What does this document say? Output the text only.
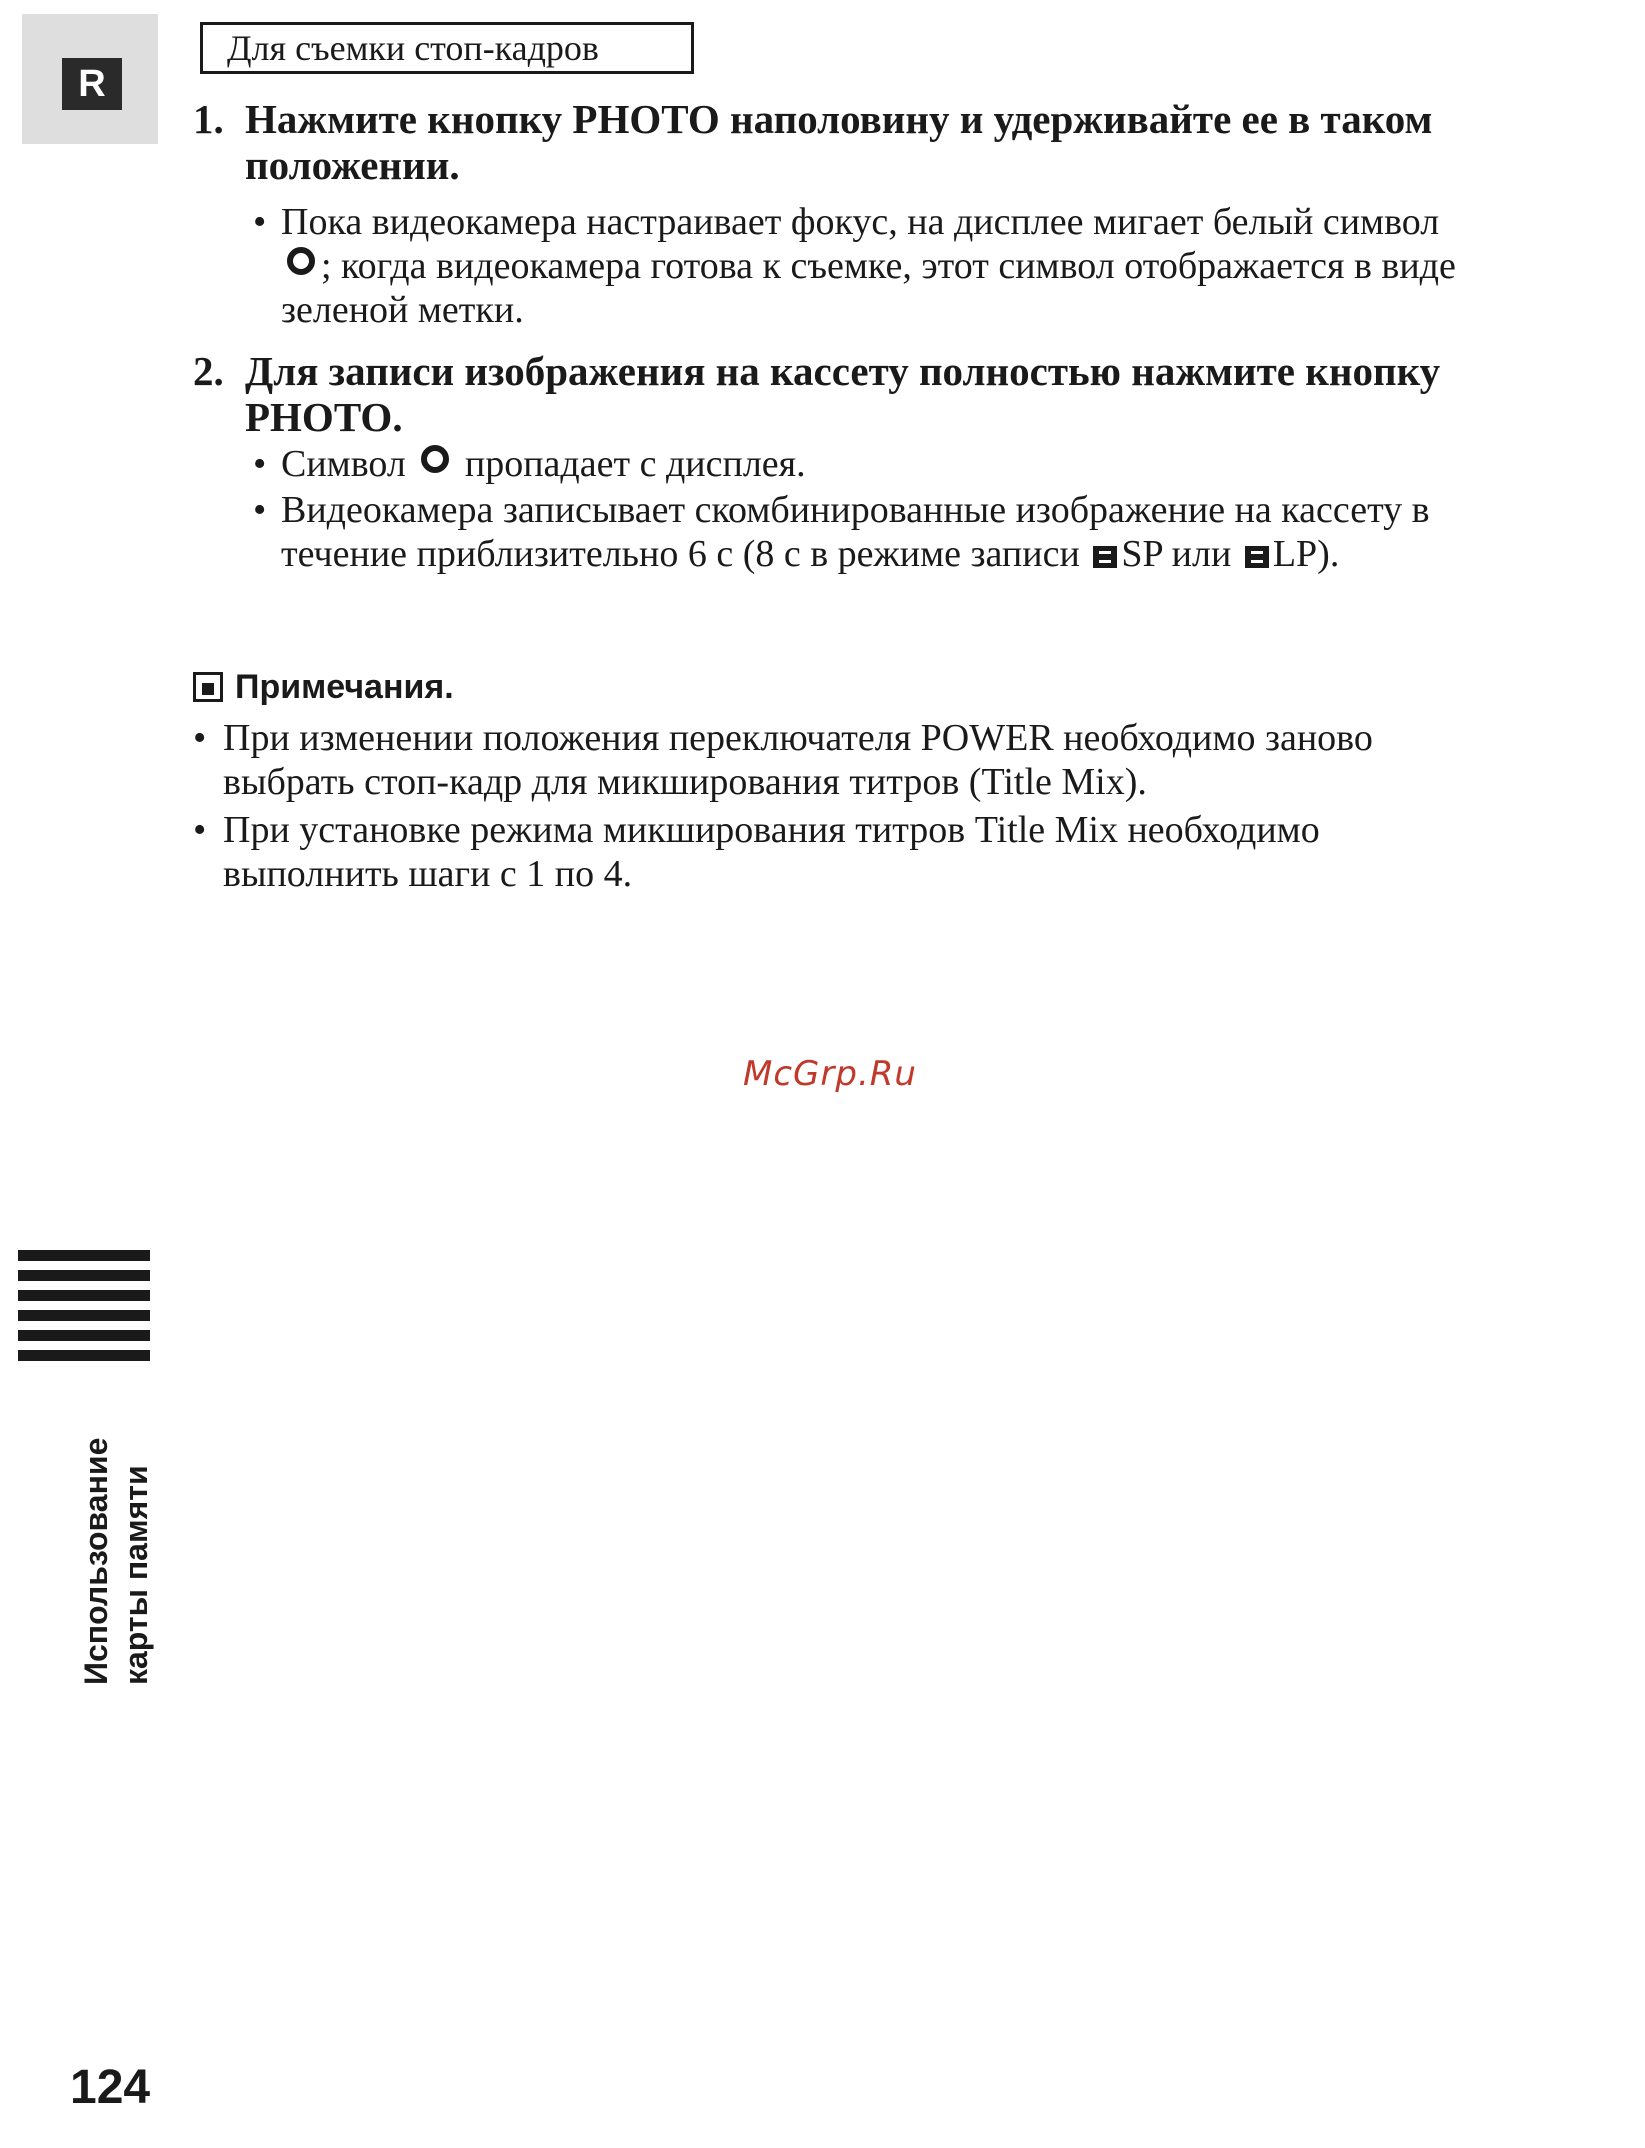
R
Для съемки стоп-кадров
1. Нажмите кнопку PHOTO наполовину и удерживайте ее в таком
положении.
• Пока видеокамера настраивает фокус, на дисплее мигает белый символ ; когда видеокамера готова к съемке, этот символ отображается в виде зеленой метки.
2. Для записи изображения на кассету полностью нажмите кнопку
PHOTO.
• Символ пропадает с дисплея.
• Видеокамера записывает скомбинированные изображение на кассету в течение приблизительно 6 с (8 с в режиме записи SP или LP).
Примечания.
• При изменении положения переключателя POWER необходимо заново выбрать стоп-кадр для микширования титров (Title Mix).
• При установке режима микширования титров Title Mix необходимо выполнить шаги с 1 по 4.
McGrp.Ru
Использование карты памяти
124
